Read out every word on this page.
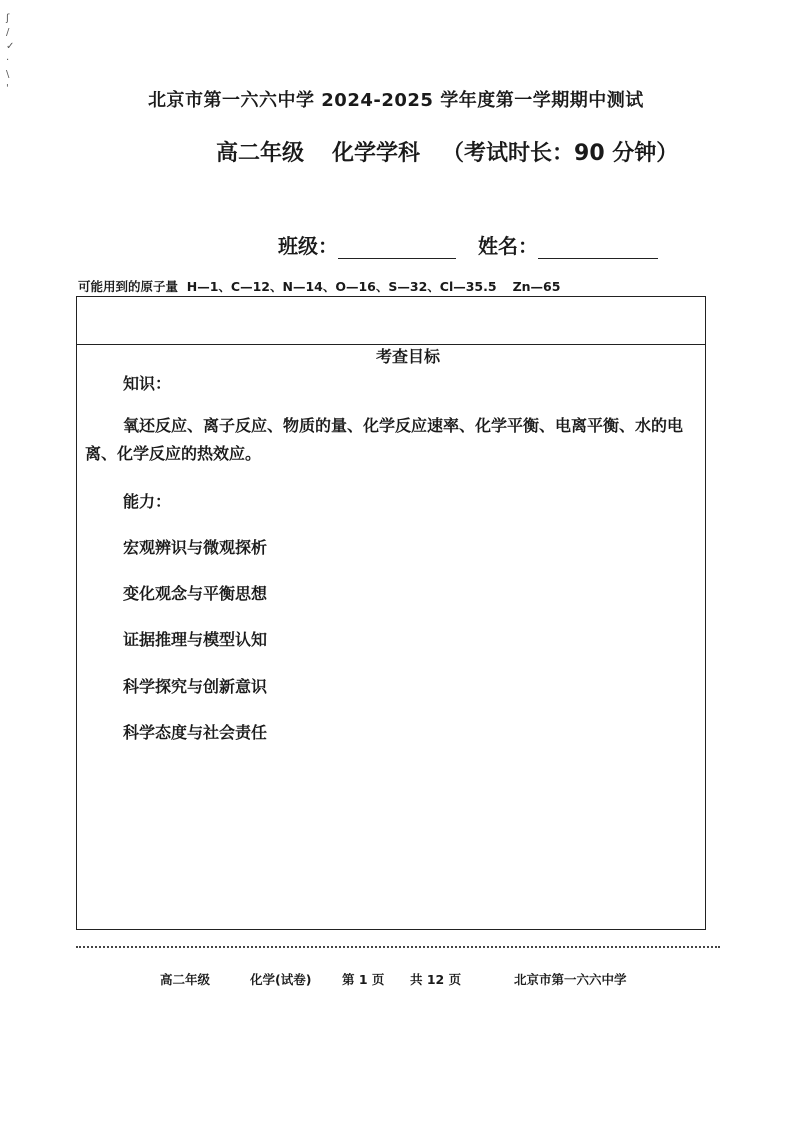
ʃ
/
✓
·
\
'
北京市第一六六中学 2024-2025 学年度第一学期期中测试
高二年级 化学学科 （考试时长：90 分钟）
班级：	姓名：
可能用到的原子量 H—1、C—12、N—14、O—16、S—32、Cl—35.5 Zn—65
考查目标
知识：
氧还反应、离子反应、物质的量、化学反应速率、化学平衡、电离平衡、水的电离、化学反应的热效应。
能力：
宏观辨识与微观探析
变化观念与平衡思想
证据推理与模型认知
科学探究与创新意识
科学态度与社会责任
高二年级	化学(试卷) 第 1 页 共 12 页	北京市第一六六中学
